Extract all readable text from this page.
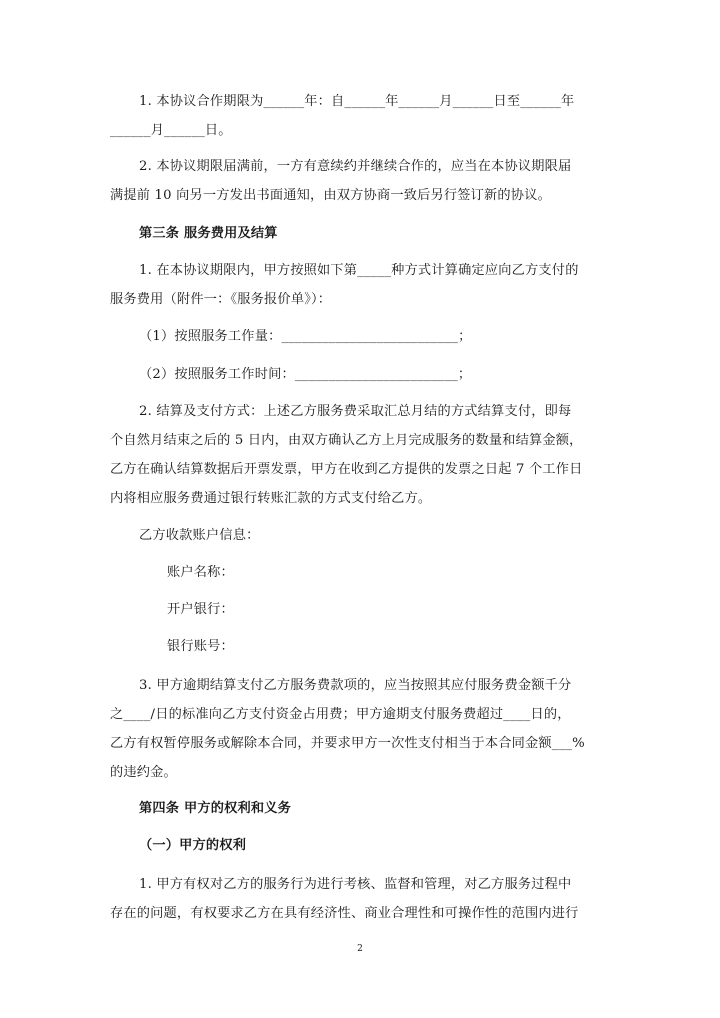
1. 本协议合作期限为______年：自______年______月______日至______年
______月______日。
2. 本协议期限届满前，一方有意续约并继续合作的，应当在本协议期限届
满提前 10 向另一方发出书面通知，由双方协商一致后另行签订新的协议。
第三条 服务费用及结算
1. 在本协议期限内，甲方按照如下第_____种方式计算确定应向乙方支付的
服务费用（附件一：《服务报价单》）：
（1）按照服务工作量：__________________________；
（2）按照服务工作时间：________________________；
2. 结算及支付方式：上述乙方服务费采取汇总月结的方式结算支付，即每
个自然月结束之后的 5 日内，由双方确认乙方上月完成服务的数量和结算金额，
乙方在确认结算数据后开票发票，甲方在收到乙方提供的发票之日起 7 个工作日
内将相应服务费通过银行转账汇款的方式支付给乙方。
乙方收款账户信息：
账户名称：
开户银行：
银行账号：
3. 甲方逾期结算支付乙方服务费款项的，应当按照其应付服务费金额千分
之____/日的标准向乙方支付资金占用费；甲方逾期支付服务费超过____日的，
乙方有权暂停服务或解除本合同，并要求甲方一次性支付相当于本合同金额___%
的违约金。
第四条 甲方的权利和义务
（一）甲方的权利
1. 甲方有权对乙方的服务行为进行考核、监督和管理，对乙方服务过程中
存在的问题，有权要求乙方在具有经济性、商业合理性和可操作性的范围内进行
2
